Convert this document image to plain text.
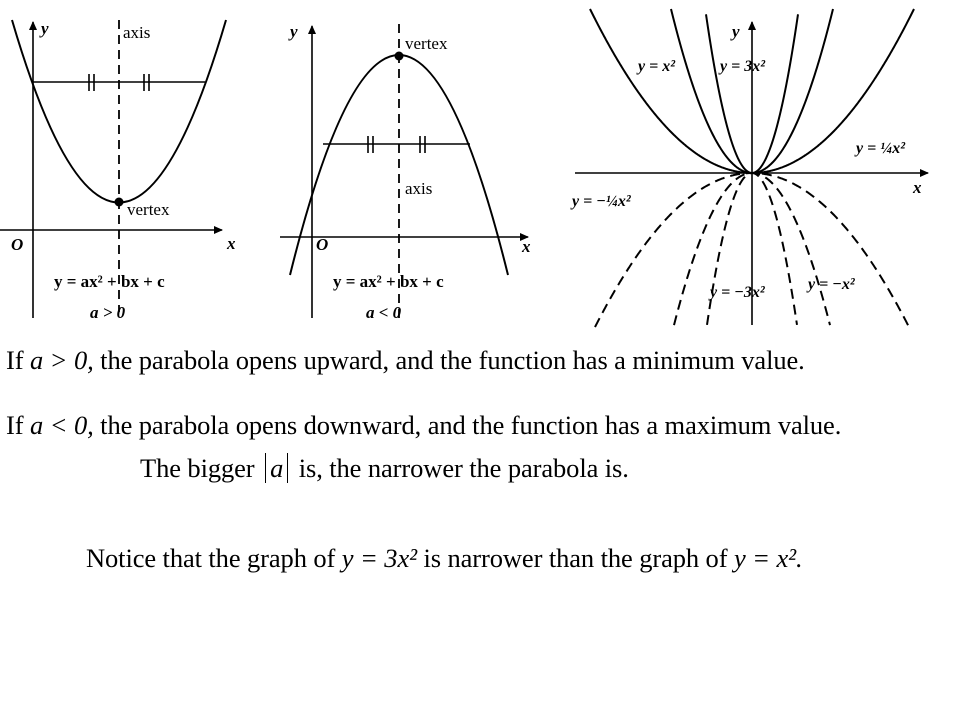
y	axis
vertex
O	x
y = ax² + bx + c
a > 0
y
vertex
axis
O	x
y = ax² + bx + c
a < 0
y
x
y = x²	y = 3x²
y = ¼x²
y = −¼x²
y = −3x²	y = −x²
If a > 0, the parabola opens upward, and the function has a minimum value.
If a < 0, the parabola opens downward, and the function has a maximum value.
The bigger a is, the narrower the parabola is.
Notice that the graph of y = 3x² is narrower than the graph of y = x².
